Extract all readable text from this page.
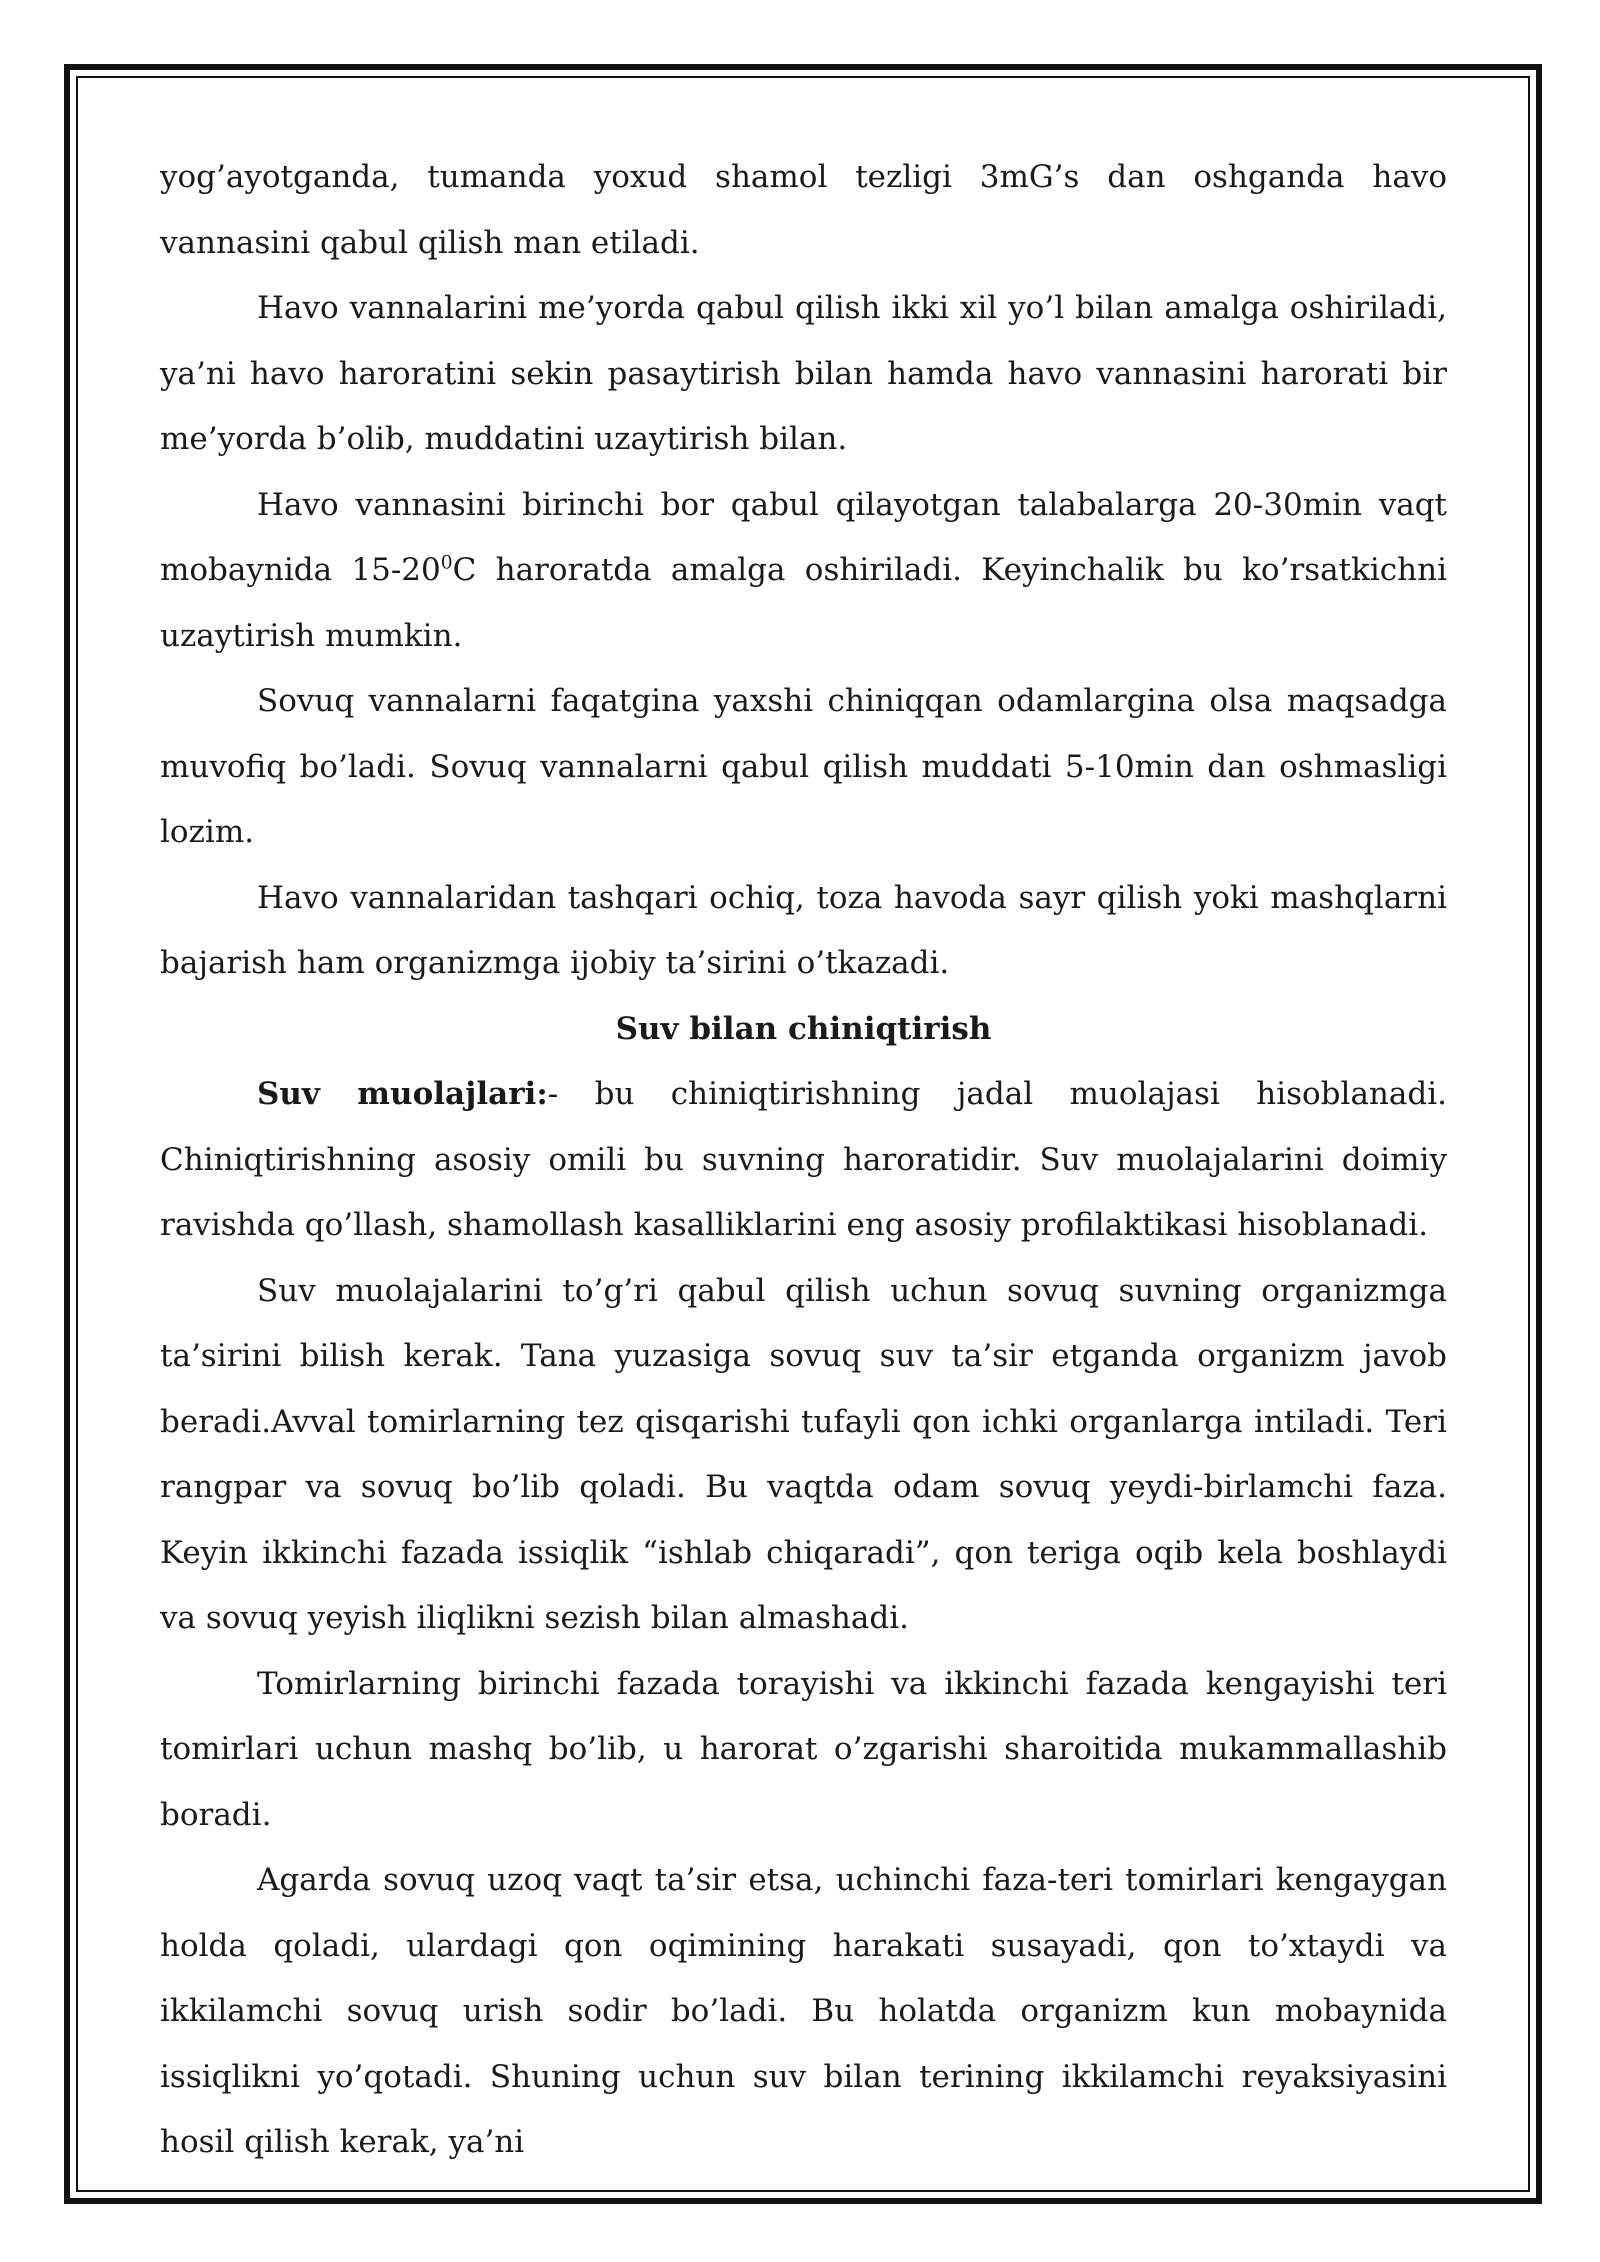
yog’ayotganda, tumanda yoxud shamol tezligi 3mG’s dan oshganda havo vannasini qabul qilish man etiladi.

Havo vannalarini me’yorda qabul qilish ikki xil yo’l bilan amalga oshiriladi, ya’ni havo haroratini sekin pasaytirish bilan hamda havo vannasini harorati bir me’yorda b’olib, muddatini uzaytirish bilan.

Havo vannasini birinchi bor qabul qilayotgan talabalarga 20-30min vaqt mobaynida $15-20^0C$ haroratda amalga oshiriladi. Keyinchalik bu ko’rsatkichni uzaytirish mumkin.

Sovuq vannalarni faqatgina yaxshi chiniqqan odamlargina olsa maqsadga muvofiq bo’ladi. Sovuq vannalarni qabul qilish muddati 5-10min dan oshmasligi lozim.

Havo vannalaridan tashqari ochiq, toza havoda sayr qilish yoki mashqlarni bajarish ham organizmga ijobiy ta’sirini o’tkazadi.

Suv bilan chiniqtirish

Suv muolajlari:- bu chiniqtirishning jadal muolajasi hisoblanadi. Chiniqtirishning asosiy omili bu suvning haroratidir. Suv muolajalarini doimiy ravishda qo’llash, shamollash kasalliklarini eng asosiy profilaktikasi hisoblanadi.

Suv muolajalarini to’g’ri qabul qilish uchun sovuq suvning organizmga ta’sirini bilish kerak. Tana yuzasiga sovuq suv ta’sir etganda organizm javob beradi.Avval tomirlarning tez qisqarishi tufayli qon ichki organlarga intiladi. Teri rangpar va sovuq bo’lib qoladi. Bu vaqtda odam sovuq yeydi-birlamchi faza. Keyin ikkinchi fazada issiqlik “ishlab chiqaradi”, qon teriga oqib kela boshlaydi va sovuq yeyish iliqlikni sezish bilan almashadi.

Tomirlarning birinchi fazada torayishi va ikkinchi fazada kengayishi teri tomirlari uchun mashq bo’lib, u harorat o’zgarishi sharoitida mukammallashib boradi.

Agarda sovuq uzoq vaqt ta’sir etsa, uchinchi faza-teri tomirlari kengaygan holda qoladi, ulardagi qon oqimining harakati susayadi, qon to’xtaydi va ikkilamchi sovuq urish sodir bo’ladi. Bu holatda organizm kun mobaynida issiqlikni yo’qotadi. Shuning uchun suv bilan terining ikkilamchi reyaksiyasini hosil qilish kerak, ya’ni
